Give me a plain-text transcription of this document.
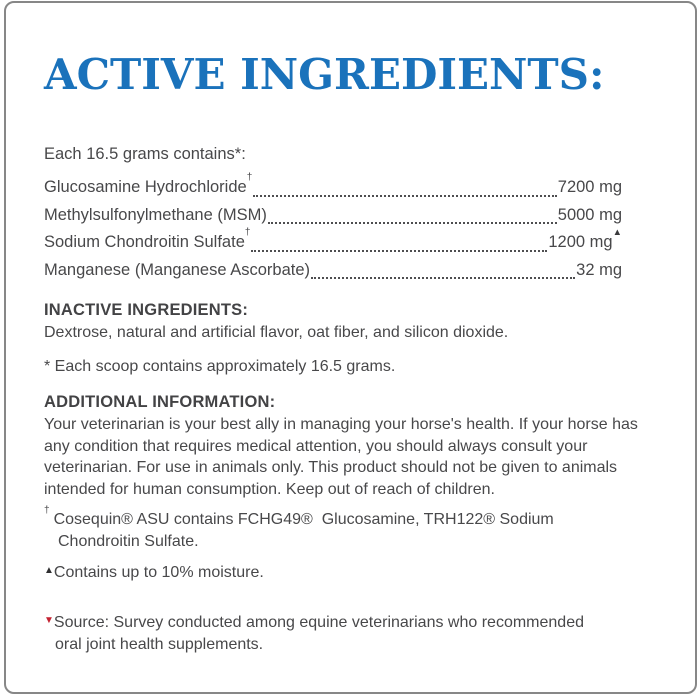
ACTIVE INGREDIENTS:

Each 16.5 grams contains*:

Glucosamine Hydrochloride†
7200 mg
Methylsulfonylmethane (MSM)	5000 mg
Sodium Chondroitin Sulfate†
1200 mg▲
Manganese (Manganese Ascorbate)	32 mg
INACTIVE INGREDIENTS:
Dextrose, natural and artificial flavor, oat fiber, and silicon dioxide.

* Each scoop contains approximately 16.5 grams.

ADDITIONAL INFORMATION:
Your veterinarian is your best ally in managing your horse's health. If your horse has any condition that requires medical attention, you should always consult your veterinarian. For use in animals only. This product should not be given to animals intended for human consumption. Keep out of reach of children.

†Cosequin® ASU contains FCHG49®  Glucosamine, TRH122® Sodium Chondroitin Sulfate.

▲Contains up to 10% moisture.

▼Source: Survey conducted among equine veterinarians who recommended oral joint health supplements.
